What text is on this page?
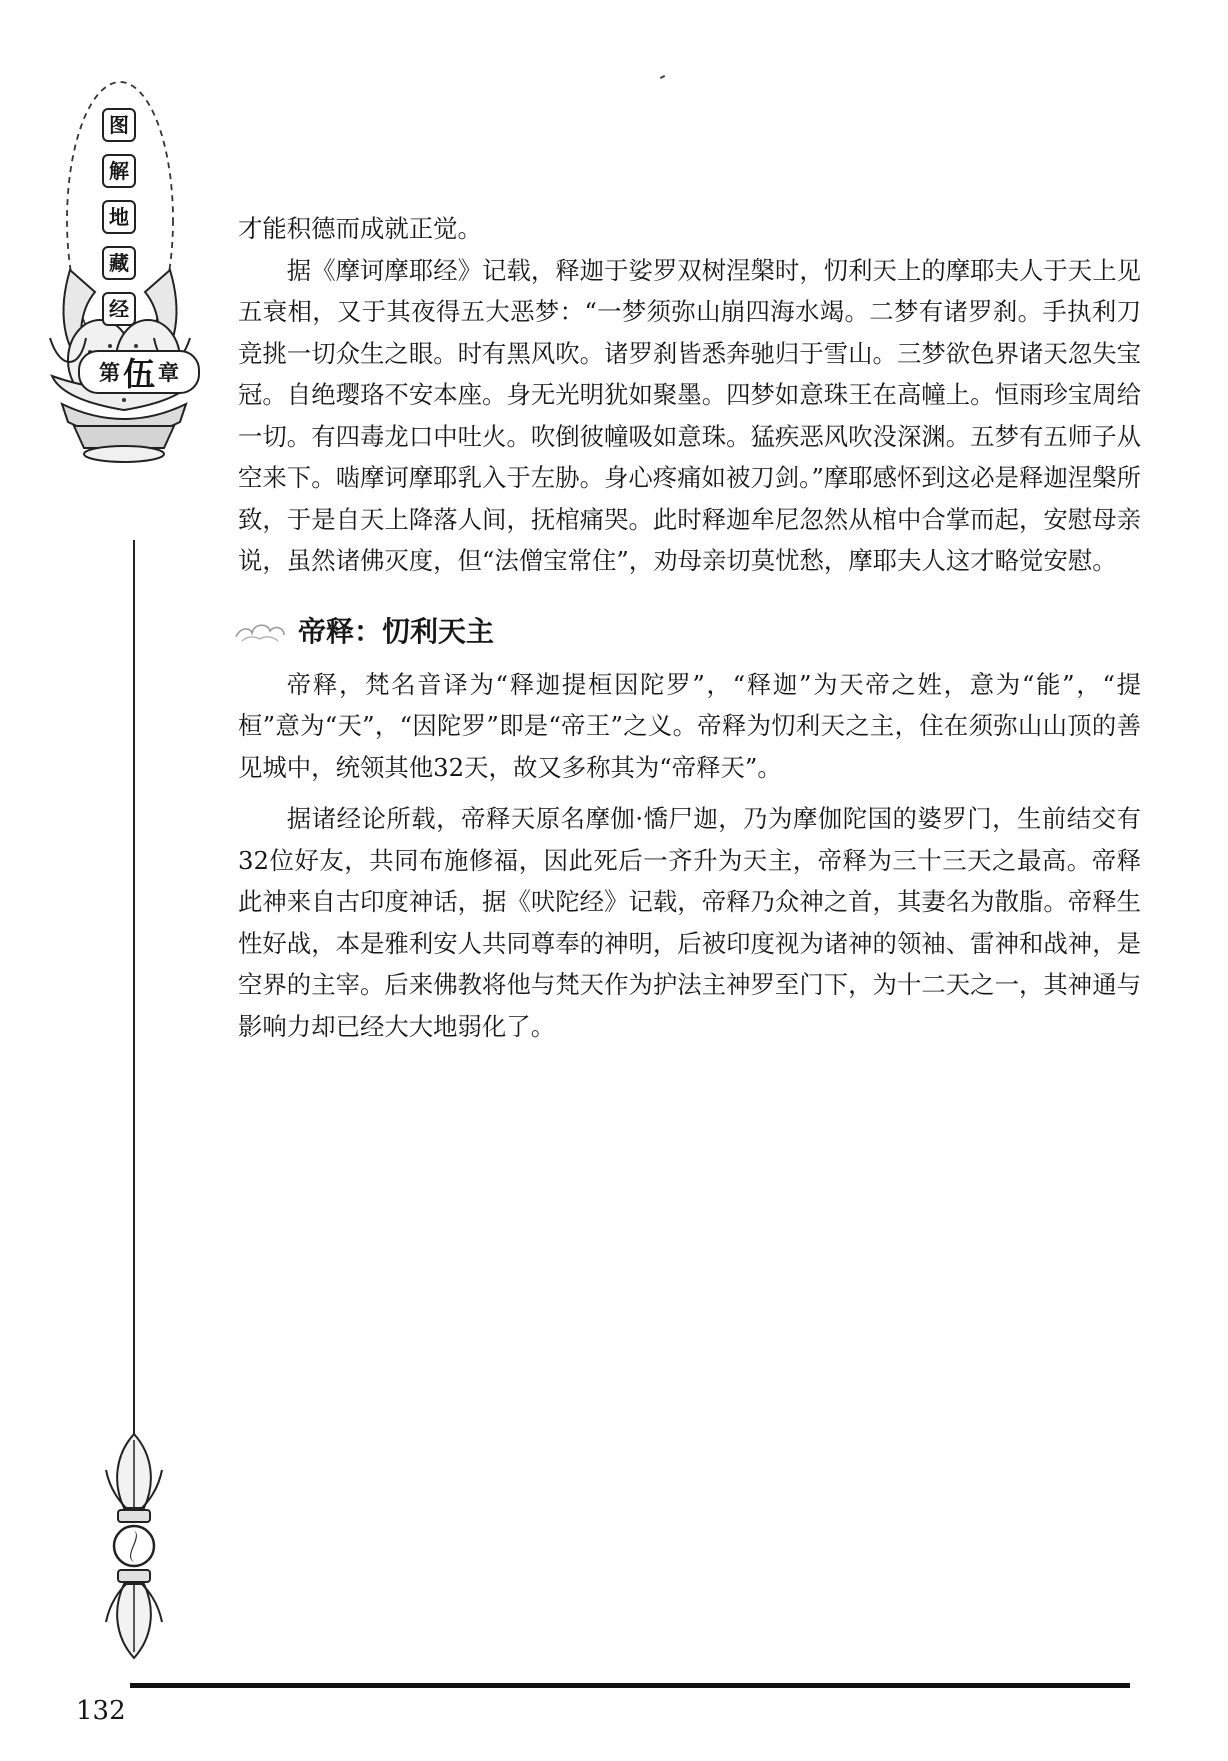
图
解
地
藏
经
第 伍 章

才能积德而成就正觉。

据《摩诃摩耶经》记载，释迦于娑罗双树涅槃时，忉利天上的摩耶夫人于天上见五衰相，又于其夜得五大恶梦：“一梦须弥山崩四海水竭。二梦有诸罗刹。手执利刀竞挑一切众生之眼。时有黑风吹。诸罗刹皆悉奔驰归于雪山。三梦欲色界诸天忽失宝冠。自绝璎珞不安本座。身无光明犹如聚墨。四梦如意珠王在高幢上。恒雨珍宝周给一切。有四毒龙口中吐火。吹倒彼幢吸如意珠。猛疾恶风吹没深渊。五梦有五师子从空来下。啮摩诃摩耶乳入于左胁。身心疼痛如被刀剑。”摩耶感怀到这必是释迦涅槃所致，于是自天上降落人间，抚棺痛哭。此时释迦牟尼忽然从棺中合掌而起，安慰母亲说，虽然诸佛灭度，但“法僧宝常住”，劝母亲切莫忧愁，摩耶夫人这才略觉安慰。

帝释：忉利天主

帝释，梵名音译为“释迦提桓因陀罗”，“释迦”为天帝之姓，意为“能”，“提桓”意为“天”，“因陀罗”即是“帝王”之义。帝释为忉利天之主，住在须弥山山顶的善见城中，统领其他32天，故又多称其为“帝释天”。

据诸经论所载，帝释天原名摩伽·憍尸迦，乃为摩伽陀国的婆罗门，生前结交有32位好友，共同布施修福，因此死后一齐升为天主，帝释为三十三天之最高。帝释此神来自古印度神话，据《吠陀经》记载，帝释乃众神之首，其妻名为散脂。帝释生性好战，本是雅利安人共同尊奉的神明，后被印度视为诸神的领袖、雷神和战神，是空界的主宰。后来佛教将他与梵天作为护法主神罗至门下，为十二天之一，其神通与影响力却已经大大地弱化了。

132
